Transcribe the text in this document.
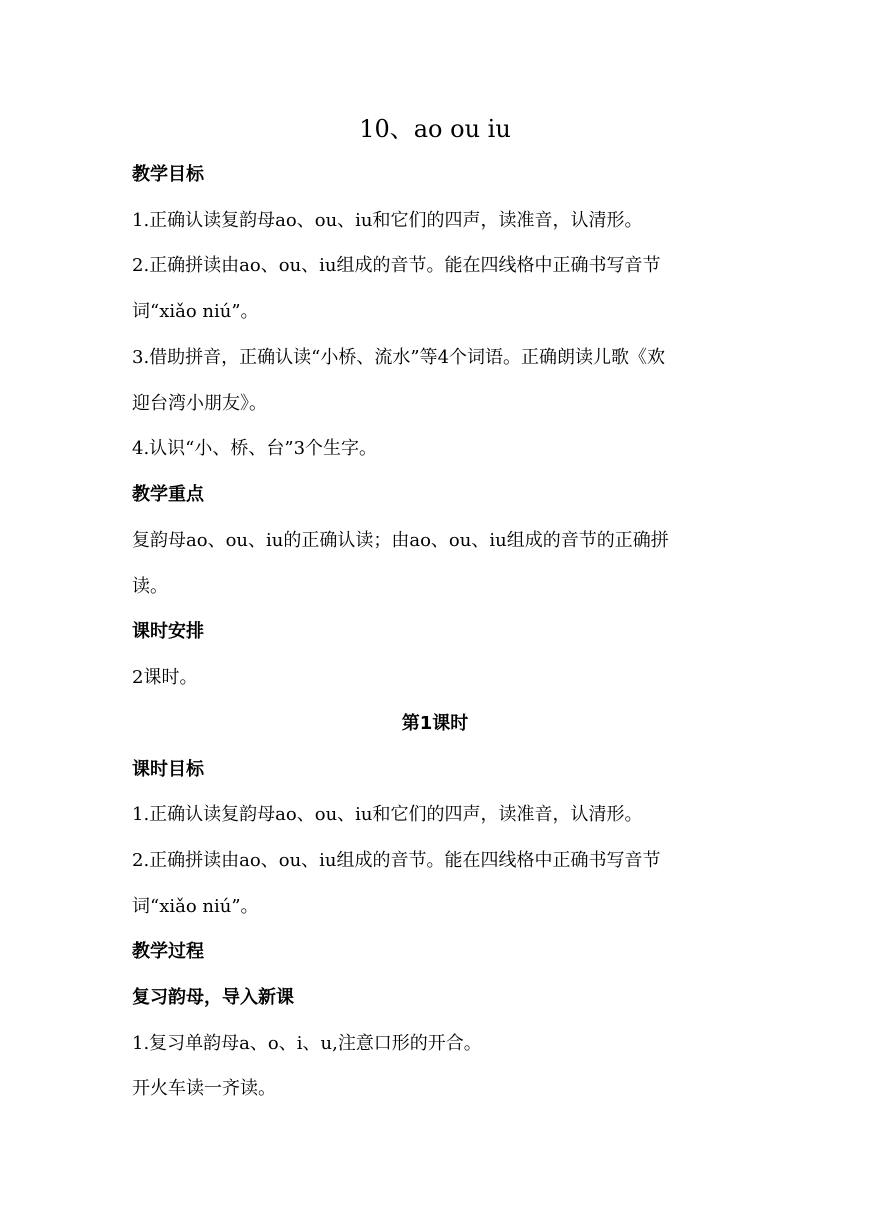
10、ao ou iu
教学目标
1.正确认读复韵母ao、ou、iu和它们的四声，读准音，认清形。
2.正确拼读由ao、ou、iu组成的音节。能在四线格中正确书写音节
词“xiǎo niú”。
3.借助拼音，正确认读“小桥、流水”等4个词语。正确朗读儿歌《欢
迎台湾小朋友》。
4.认识“小、桥、台”3个生字。
教学重点
复韵母ao、ou、iu的正确认读；由ao、ou、iu组成的音节的正确拼
读。
课时安排
2课时。
第1课时
课时目标
1.正确认读复韵母ao、ou、iu和它们的四声，读准音，认清形。
2.正确拼读由ao、ou、iu组成的音节。能在四线格中正确书写音节
词“xiǎo niú”。
教学过程
复习韵母，导入新课
1.复习单韵母a、o、i、u,注意口形的开合。
开火车读一齐读。
